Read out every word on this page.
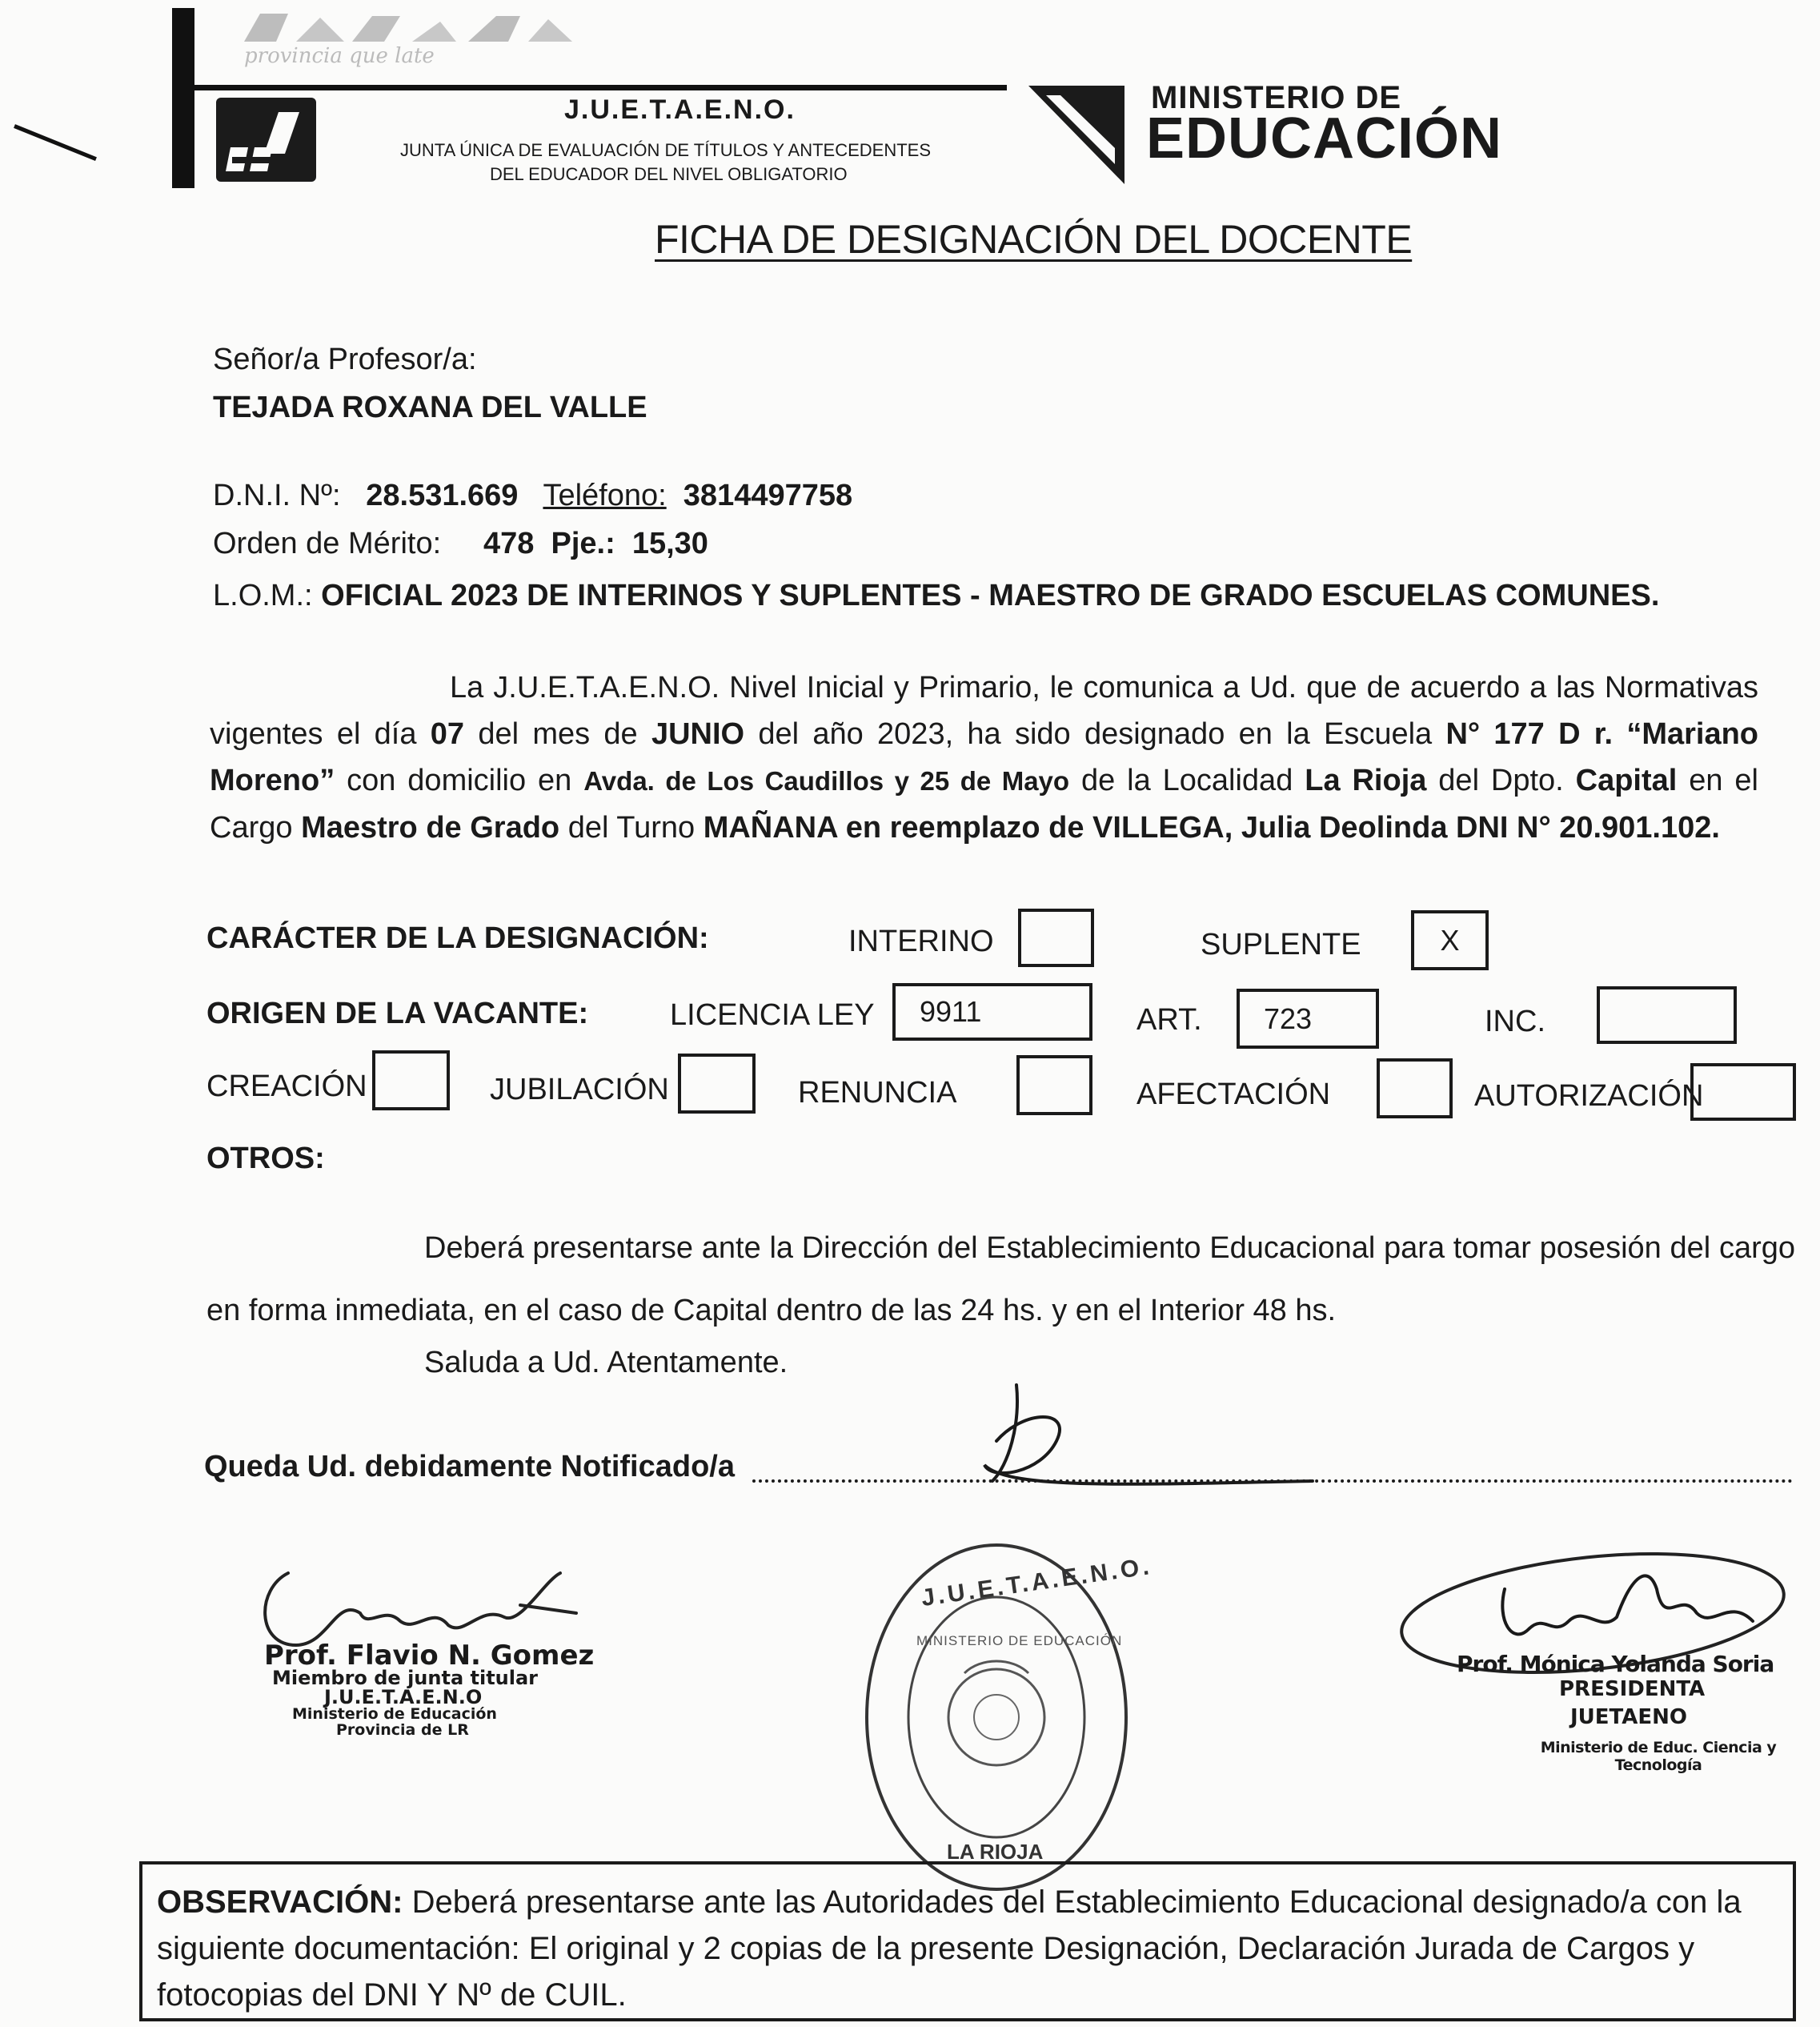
provincia que late
J.U.E.T.A.E.N.O.
JUNTA ÚNICA DE EVALUACIÓN DE TÍTULOS Y ANTECEDENTES
DEL EDUCADOR DEL NIVEL OBLIGATORIO
MINISTERIO DE
EDUCACIÓN
FICHA DE DESIGNACIÓN DEL DOCENTE
Señor/a Profesor/a:
TEJADA ROXANA DEL VALLE
D.N.I. Nº: 28.531.669 Teléfono: 3814497758
Orden de Mérito: 478 Pje.: 15,30
L.O.M.: OFICIAL 2023 DE INTERINOS Y SUPLENTES - MAESTRO DE GRADO ESCUELAS COMUNES.
La J.U.E.T.A.E.N.O. Nivel Inicial y Primario, le comunica a Ud. que de acuerdo a las Normativas vigentes el día 07 del mes de JUNIO del año 2023, ha sido designado en la Escuela N° 177 D r. “Mariano Moreno” con domicilio en Avda. de Los Caudillos y 25 de Mayo de la Localidad La Rioja del Dpto. Capital en el Cargo Maestro de Grado del Turno MAÑANA en reemplazo de VILLEGA, Julia Deolinda DNI N° 20.901.102.
CARÁCTER DE LA DESIGNACIÓN:	INTERINO	SUPLENTE	X
ORIGEN DE LA VACANTE:	LICENCIA LEY	9911	ART.	723	INC.
CREACIÓN	JUBILACIÓN	RENUNCIA	AFECTACIÓN	AUTORIZACIÓN
OTROS:
Deberá presentarse ante la Dirección del Establecimiento Educacional para tomar posesión del cargo en forma inmediata, en el caso de Capital dentro de las 24 hs. y en el Interior 48 hs.
Saluda a Ud. Atentamente.
Queda Ud. debidamente Notificado/a
Prof. Flavio N. Gomez
Miembro de junta titular
J.U.E.T.A.E.N.O
Ministerio de Educación
Provincia de LR
J.U.E.T.A.E.N.O.
MINISTERIO DE EDUCACIÓN
LA RIOJA
Prof. Mónica Yolanda Soria
PRESIDENTA
JUETAENO
Ministerio de Educ. Ciencia y Tecnología
OBSERVACIÓN: Deberá presentarse ante las Autoridades del Establecimiento Educacional designado/a con la siguiente documentación: El original y 2 copias de la presente Designación, Declaración Jurada de Cargos y fotocopias del DNI Y Nº de CUIL.
